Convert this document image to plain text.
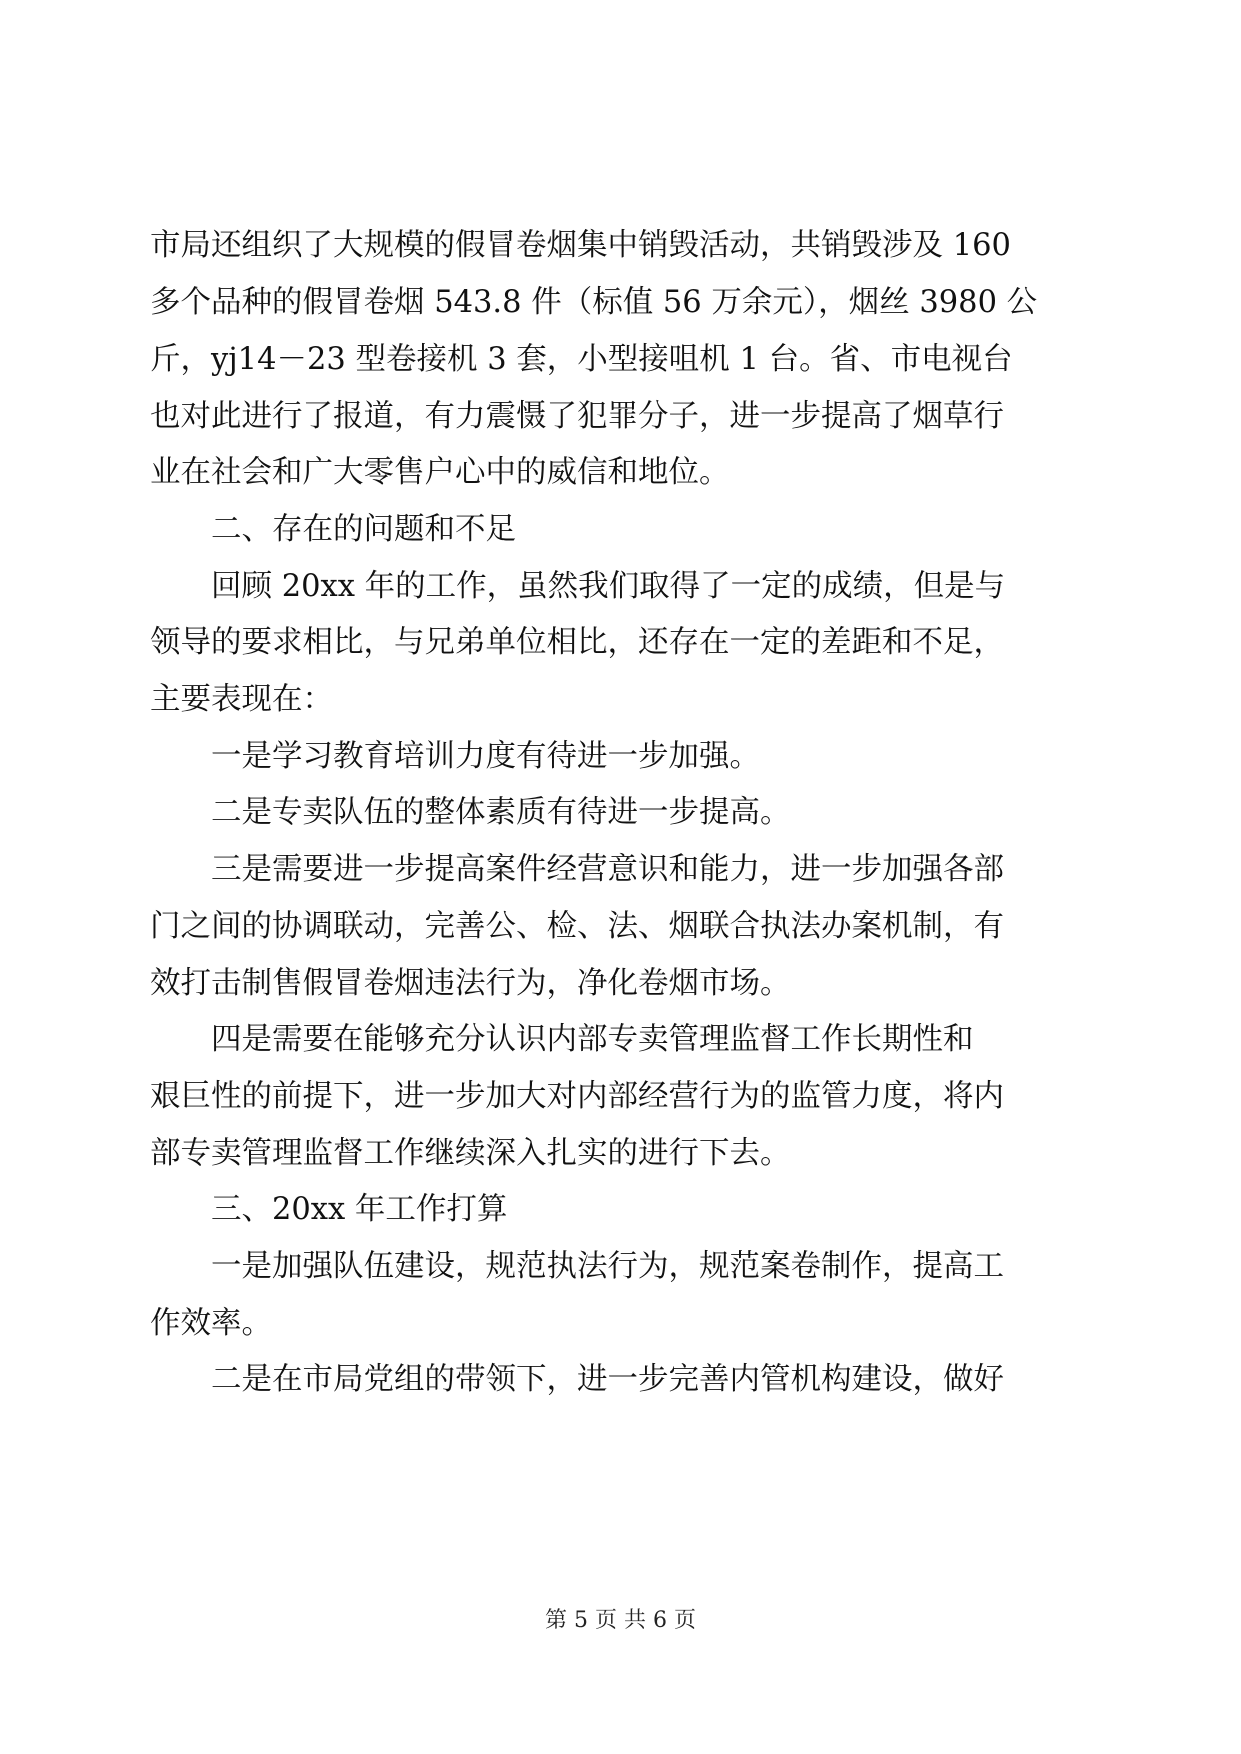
市局还组织了大规模的假冒卷烟集中销毁活动，共销毁涉及 160

多个品种的假冒卷烟 543.8 件（标值 56 万余元），烟丝 3980 公

斤，yj14－23 型卷接机 3 套，小型接咀机 1 台。省、市电视台

也对此进行了报道，有力震慑了犯罪分子，进一步提高了烟草行

业在社会和广大零售户心中的威信和地位。

二、存在的问题和不足

回顾 20xx 年的工作，虽然我们取得了一定的成绩，但是与

领导的要求相比，与兄弟单位相比，还存在一定的差距和不足，

主要表现在：

一是学习教育培训力度有待进一步加强。

二是专卖队伍的整体素质有待进一步提高。

三是需要进一步提高案件经营意识和能力，进一步加强各部

门之间的协调联动，完善公、检、法、烟联合执法办案机制，有

效打击制售假冒卷烟违法行为，净化卷烟市场。

四是需要在能够充分认识内部专卖管理监督工作长期性和

艰巨性的前提下，进一步加大对内部经营行为的监管力度，将内

部专卖管理监督工作继续深入扎实的进行下去。

三、20xx 年工作打算

一是加强队伍建设，规范执法行为，规范案卷制作，提高工

作效率。

二是在市局党组的带领下，进一步完善内管机构建设，做好

第 5 页 共 6 页
